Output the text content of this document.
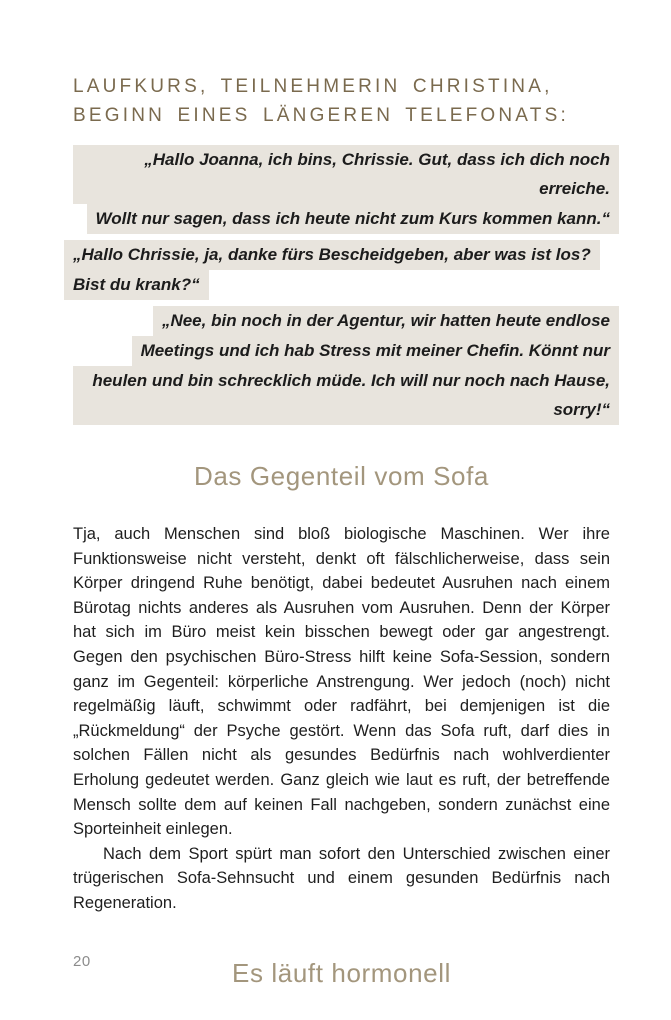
LAUFKURS, TEILNEHMERIN CHRISTINA,
BEGINN EINES LÄNGEREN TELEFONATS:
„Hallo Joanna, ich bins, Chrissie. Gut, dass ich dich noch erreiche.
Wollt nur sagen, dass ich heute nicht zum Kurs kommen kann.“
„Hallo Chrissie, ja, danke fürs Bescheidgeben, aber was ist los?
Bist du krank?“
„Nee, bin noch in der Agentur, wir hatten heute endlose
Meetings und ich hab Stress mit meiner Chefin. Könnt nur
heulen und bin schrecklich müde. Ich will nur noch nach Hause, sorry!“
Das Gegenteil vom Sofa

Tja, auch Menschen sind bloß biologische Maschinen. Wer ihre Funktionsweise nicht versteht, denkt oft fälschlicherweise, dass sein Körper dringend Ruhe benötigt, dabei bedeutet Ausruhen nach einem Bürotag nichts anderes als Ausruhen vom Ausruhen. Denn der Körper hat sich im Büro meist kein bisschen bewegt oder gar angestrengt. Gegen den psychischen Büro-Stress hilft keine Sofa-Session, sondern ganz im Gegenteil: körperliche Anstrengung. Wer jedoch (noch) nicht regelmäßig läuft, schwimmt oder radfährt, bei demjenigen ist die „Rückmeldung“ der Psyche gestört. Wenn das Sofa ruft, darf dies in solchen Fällen nicht als gesundes Bedürfnis nach wohlverdienter Erholung gedeutet werden. Ganz gleich wie laut es ruft, der betreffende Mensch sollte dem auf keinen Fall nachgeben, sondern zunächst eine Sporteinheit einlegen.

Nach dem Sport spürt man sofort den Unterschied zwischen einer trügerischen Sofa-Sehnsucht und einem gesunden Bedürfnis nach Regeneration.

Es läuft hormonell

20
